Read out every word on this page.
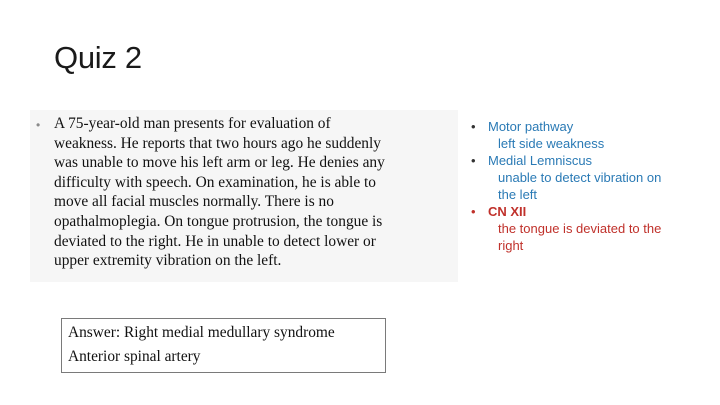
Quiz 2
• A 75-year-old man presents for evaluation of
weakness. He reports that two hours ago he suddenly
was unable to move his left arm or leg. He denies any
difficulty with speech. On examination, he is able to
move all facial muscles normally. There is no
opathalmoplegia. On tongue protrusion, the tongue is
deviated to the right. He in unable to detect lower or
upper extremity vibration on the left.
Answer: Right medial medullary syndrome
Anterior spinal artery
• Motor pathway
left side weakness
• Medial Lemniscus
unable to detect vibration on
the left
• CN XII
the tongue is deviated to the
right
